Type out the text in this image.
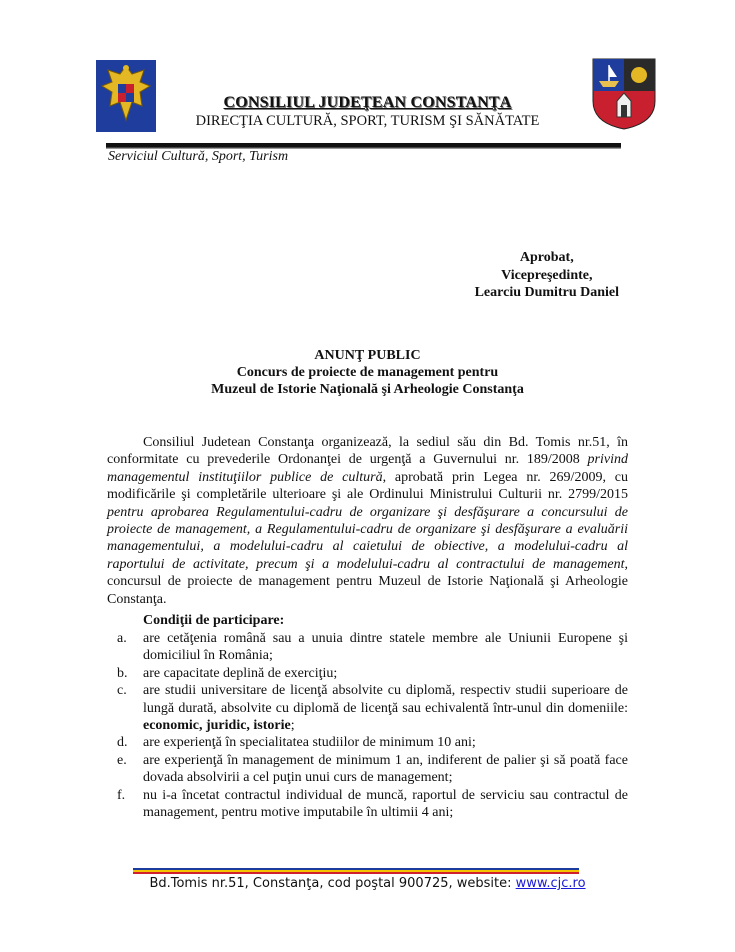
CONSILIUL JUDEŢEAN CONSTANŢA
DIRECŢIA CULTURĂ, SPORT, TURISM ŞI SĂNĂTATE
Serviciul Cultură, Sport, Turism
Aprobat,
Vicepreşedinte,
Learciu Dumitru Daniel
ANUNŢ PUBLIC
Concurs de proiecte de management pentru
Muzeul de Istorie Naţională şi Arheologie Constanţa
Consiliul Judetean Constanţa organizează, la sediul său din Bd. Tomis nr.51, în conformitate cu prevederile Ordonanţei de urgenţă a Guvernului nr. 189/2008 privind managementul instituţiilor publice de cultură, aprobată prin Legea nr. 269/2009, cu modificările şi completările ulterioare şi ale Ordinului Ministrului Culturii nr. 2799/2015 pentru aprobarea Regulamentului-cadru de organizare şi desfăşurare a concursului de proiecte de management, a Regulamentului-cadru de organizare şi desfăşurare a evaluării managementului, a modelului-cadru al caietului de obiective, a modelului-cadru al raportului de activitate, precum şi a modelului-cadru al contractului de management, concursul de proiecte de management pentru Muzeul de Istorie Naţională şi Arheologie Constanţa.
Condiţii de participare:
a. are cetăţenia română sau a unuia dintre statele membre ale Uniunii Europene şi domiciliul în România;
b. are capacitate deplină de exerciţiu;
c. are studii universitare de licenţă absolvite cu diplomă, respectiv studii superioare de lungă durată, absolvite cu diplomă de licenţă sau echivalentă într-unul din domeniile: economic, juridic, istorie;
d. are experienţă în specialitatea studiilor de minimum 10 ani;
e. are experienţă în management de minimum 1 an, indiferent de palier şi să poată face dovada absolvirii a cel puţin unui curs de management;
f. nu i-a încetat contractul individual de muncă, raportul de serviciu sau contractul de management, pentru motive imputabile în ultimii 4 ani;
Bd.Tomis nr.51, Constanţa, cod poştal 900725, website: www.cjc.ro
